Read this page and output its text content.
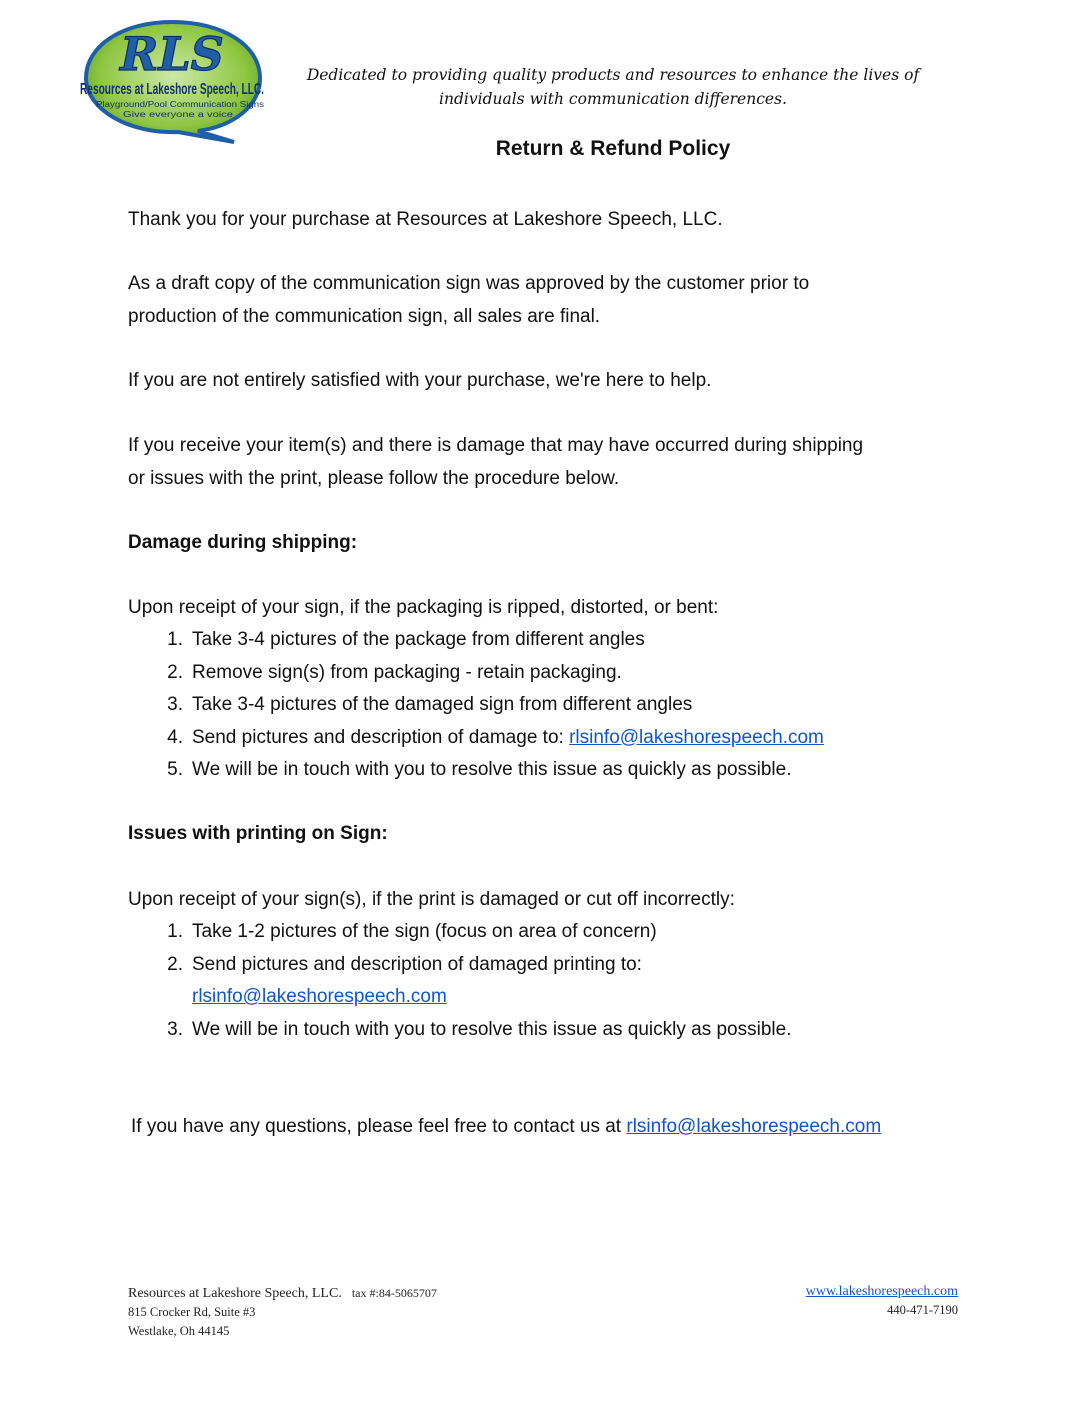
RLS
Resources at Lakeshore Speech, LLC.
Playground/Pool Communication Signs
Give everyone a voice
Dedicated to providing quality products and resources to enhance the lives of
individuals with communication differences.
Return & Refund Policy
Thank you for your purchase at Resources at Lakeshore Speech, LLC.
As a draft copy of the communication sign was approved by the customer prior to
production of the communication sign, all sales are final.
If you are not entirely satisfied with your purchase, we're here to help.
If you receive your item(s) and there is damage that may have occurred during shipping
or issues with the print, please follow the procedure below.
Damage during shipping:
Upon receipt of your sign, if the packaging is ripped, distorted, or bent:
1. Take 3-4 pictures of the package from different angles
2. Remove sign(s) from packaging - retain packaging.
3. Take 3-4 pictures of the damaged sign from different angles
4. Send pictures and description of damage to: rlsinfo@lakeshorespeech.com
5. We will be in touch with you to resolve this issue as quickly as possible.
Issues with printing on Sign:
Upon receipt of your sign(s), if the print is damaged or cut off incorrectly:
1. Take 1-2 pictures of the sign (focus on area of concern)
2. Send pictures and description of damaged printing to:
rlsinfo@lakeshorespeech.com
3. We will be in touch with you to resolve this issue as quickly as possible.
If you have any questions, please feel free to contact us at rlsinfo@lakeshorespeech.com
Resources at Lakeshore Speech, LLC. tax #:84-5065707	www.lakeshorespeech.com
815 Crocker Rd, Suite #3	440-471-7190
Westlake, Oh 44145
